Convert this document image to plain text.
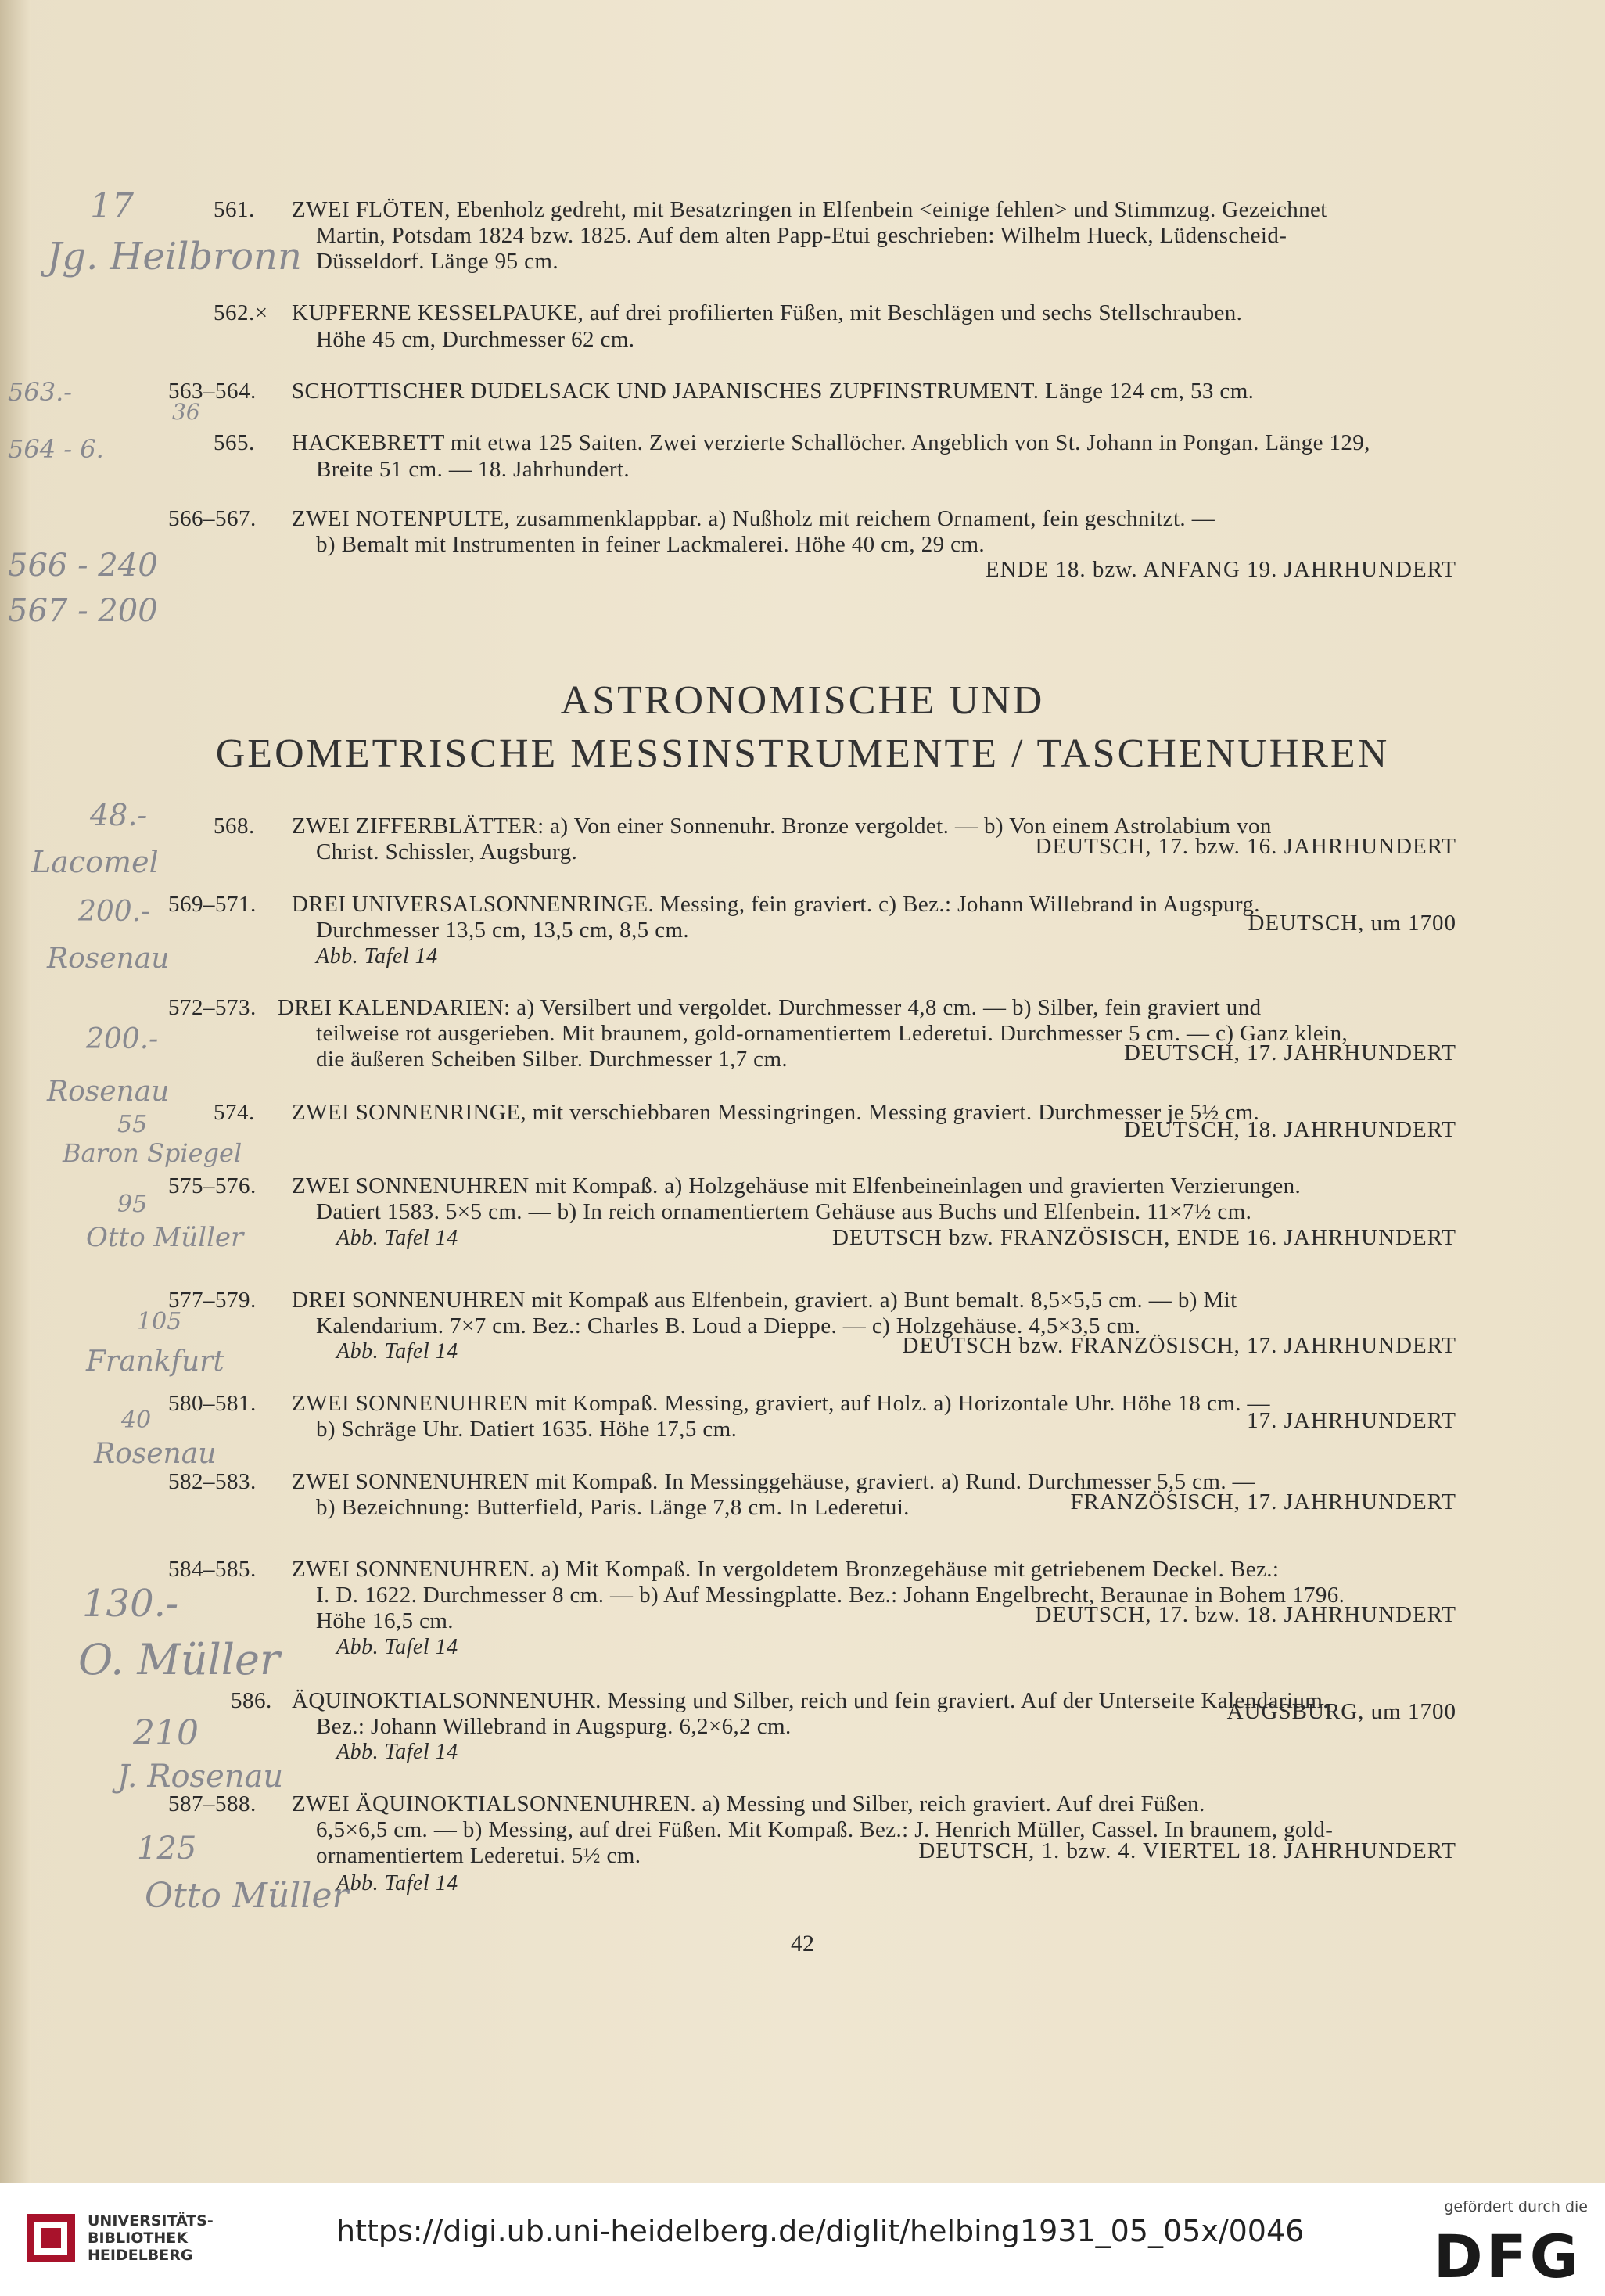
561. ZWEI FLÖTEN, Ebenholz gedreht, mit Besatzringen in Elfenbein <einige fehlen> und Stimmzug. Gezeichnet
Martin, Potsdam 1824 bzw. 1825. Auf dem alten Papp-Etui geschrieben: Wilhelm Hueck, Lüdenscheid-
Düsseldorf. Länge 95 cm.
562.× KUPFERNE KESSELPAUKE, auf drei profilierten Füßen, mit Beschlägen und sechs Stellschrauben.
Höhe 45 cm, Durchmesser 62 cm.
563–564. SCHOTTISCHER DUDELSACK UND JAPANISCHES ZUPFINSTRUMENT. Länge 124 cm, 53 cm.
565. HACKEBRETT mit etwa 125 Saiten. Zwei verzierte Schallöcher. Angeblich von St. Johann in Pongan. Länge 129,
Breite 51 cm. — 18. Jahrhundert.
566–567. ZWEI NOTENPULTE, zusammenklappbar. a) Nußholz mit reichem Ornament, fein geschnitzt. —
b) Bemalt mit Instrumenten in feiner Lackmalerei. Höhe 40 cm, 29 cm.
ENDE 18. bzw. ANFANG 19. JAHRHUNDERT
ASTRONOMISCHE UND
GEOMETRISCHE MESSINSTRUMENTE / TASCHENUHREN
568. ZWEI ZIFFERBLÄTTER: a) Von einer Sonnenuhr. Bronze vergoldet. — b) Von einem Astrolabium von
Christ. Schissler, Augsburg.	DEUTSCH, 17. bzw. 16. JAHRHUNDERT
569–571. DREI UNIVERSALSONNENRINGE. Messing, fein graviert. c) Bez.: Johann Willebrand in Augspurg.
Durchmesser 13,5 cm, 13,5 cm, 8,5 cm.	DEUTSCH, um 1700
Abb. Tafel 14
572–573. DREI KALENDARIEN: a) Versilbert und vergoldet. Durchmesser 4,8 cm. — b) Silber, fein graviert und
teilweise rot ausgerieben. Mit braunem, gold-ornamentiertem Lederetui. Durchmesser 5 cm. — c) Ganz klein,
die äußeren Scheiben Silber. Durchmesser 1,7 cm.	DEUTSCH, 17. JAHRHUNDERT
574. ZWEI SONNENRINGE, mit verschiebbaren Messingringen. Messing graviert. Durchmesser je 5½ cm.
DEUTSCH, 18. JAHRHUNDERT
575–576. ZWEI SONNENUHREN mit Kompaß. a) Holzgehäuse mit Elfenbeineinlagen und gravierten Verzierungen.
Datiert 1583. 5×5 cm. — b) In reich ornamentiertem Gehäuse aus Buchs und Elfenbein. 11×7½ cm.
DEUTSCH bzw. FRANZÖSISCH, ENDE 16. JAHRHUNDERT
Abb. Tafel 14
577–579. DREI SONNENUHREN mit Kompaß aus Elfenbein, graviert. a) Bunt bemalt. 8,5×5,5 cm. — b) Mit
Kalendarium. 7×7 cm. Bez.: Charles B. Loud a Dieppe. — c) Holzgehäuse. 4,5×3,5 cm.
DEUTSCH bzw. FRANZÖSISCH, 17. JAHRHUNDERT
Abb. Tafel 14
580–581. ZWEI SONNENUHREN mit Kompaß. Messing, graviert, auf Holz. a) Horizontale Uhr. Höhe 18 cm. —
b) Schräge Uhr. Datiert 1635. Höhe 17,5 cm.	17. JAHRHUNDERT
582–583. ZWEI SONNENUHREN mit Kompaß. In Messinggehäuse, graviert. a) Rund. Durchmesser 5,5 cm. —
b) Bezeichnung: Butterfield, Paris. Länge 7,8 cm. In Lederetui.	FRANZÖSISCH, 17. JAHRHUNDERT
584–585. ZWEI SONNENUHREN. a) Mit Kompaß. In vergoldetem Bronzegehäuse mit getriebenem Deckel. Bez.:
I. D. 1622. Durchmesser 8 cm. — b) Auf Messingplatte. Bez.: Johann Engelbrecht, Beraunae in Bohem 1796.
Höhe 16,5 cm.	DEUTSCH, 17. bzw. 18. JAHRHUNDERT
Abb. Tafel 14
586. ÄQUINOKTIALSONNENUHR. Messing und Silber, reich und fein graviert. Auf der Unterseite Kalendarium.
Bez.: Johann Willebrand in Augspurg. 6,2×6,2 cm.
AUGSBURG, um 1700
Abb. Tafel 14
587–588. ZWEI ÄQUINOKTIALSONNENUHREN. a) Messing und Silber, reich graviert. Auf drei Füßen.
6,5×6,5 cm. — b) Messing, auf drei Füßen. Mit Kompaß. Bez.: J. Henrich Müller, Cassel. In braunem, gold-
ornamentiertem Lederetui. 5½ cm.	DEUTSCH, 1. bzw. 4. VIERTEL 18. JAHRHUNDERT
Abb. Tafel 14
17
Jg. Heilbronn
563.-
564 - 6.
36
566 - 240
567 - 200
48.-
Lacomel
200.-
Rosenau
200.-
Rosenau
55
Baron Spiegel
95
Otto Müller
105
Frankfurt
40
Rosenau
130.-
O. Müller
210
J. Rosenau
125
Otto Müller
42
UNIVERSITÄTS-
BIBLIOTHEK
HEIDELBERG
https://digi.ub.uni-heidelberg.de/diglit/helbing1931_05_05x/0046
gefördert durch die
DFG
